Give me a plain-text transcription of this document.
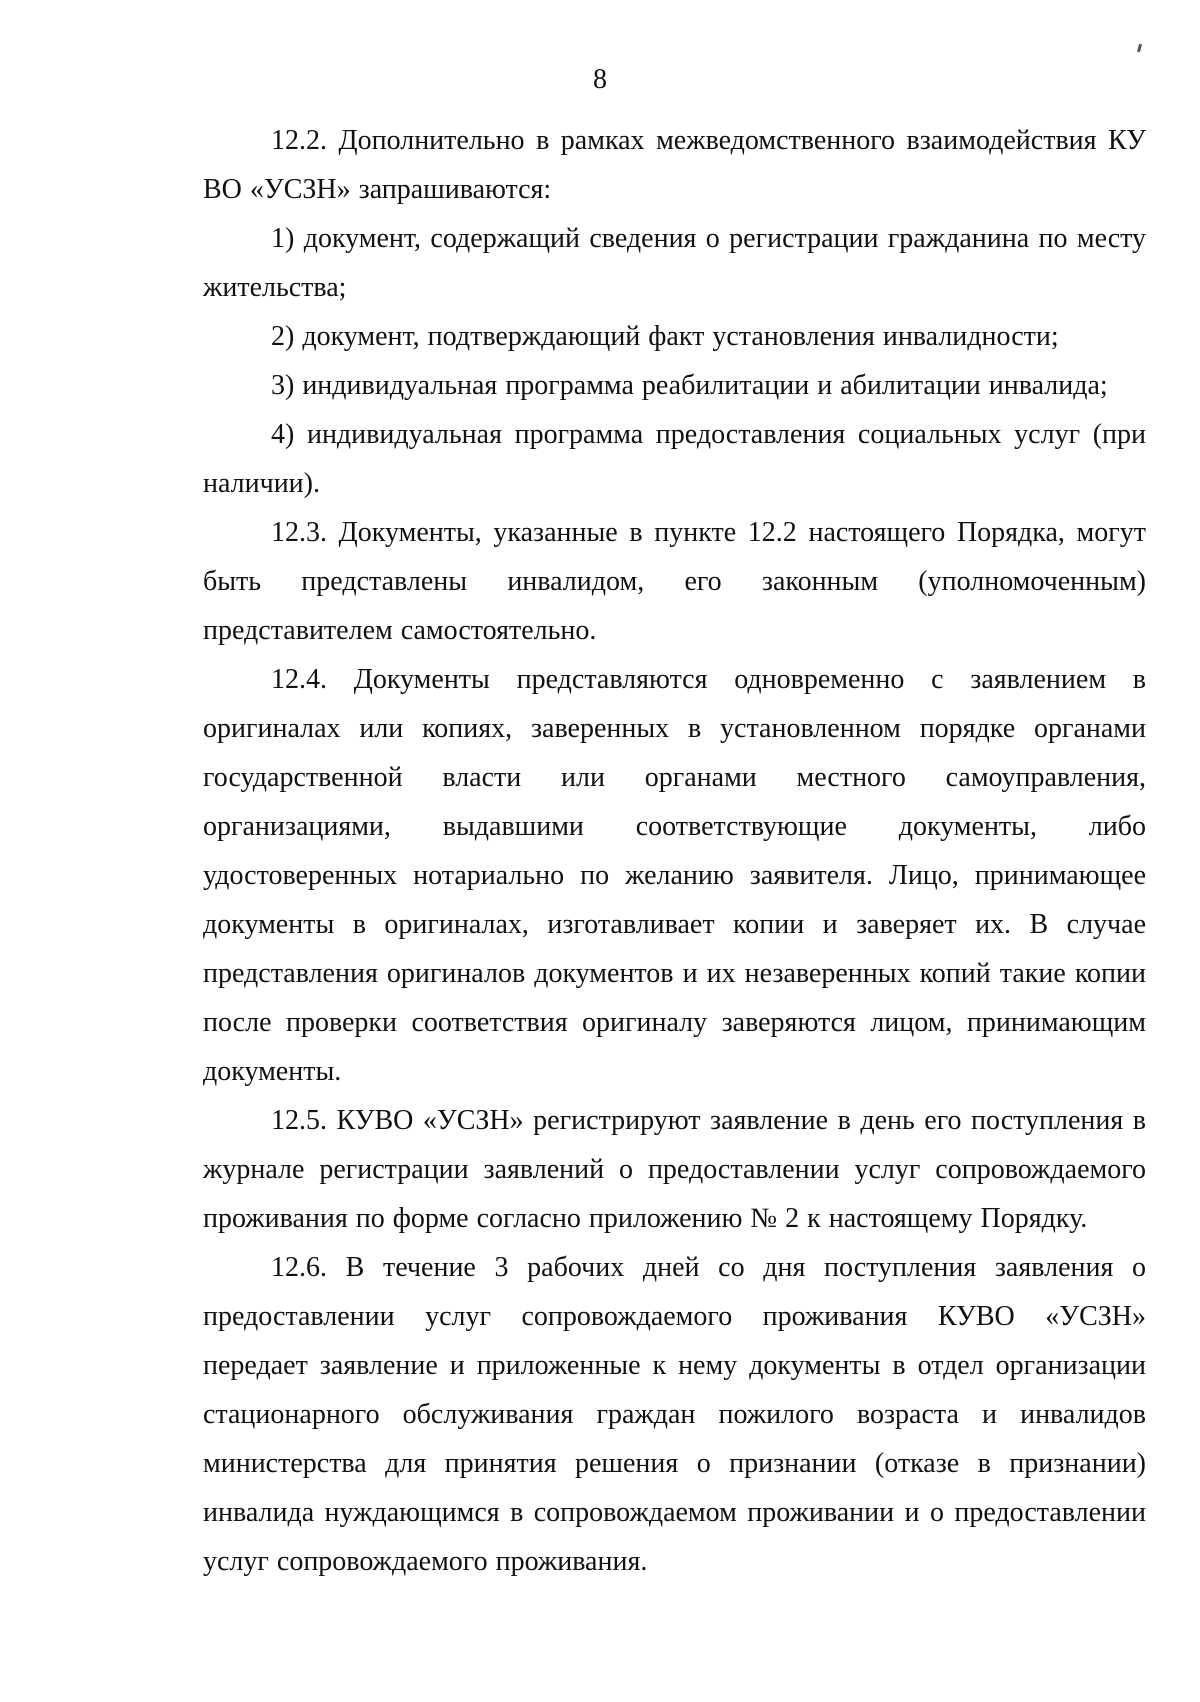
8

12.2. Дополнительно в рамках межведомственного взаимодействия КУ ВО «УСЗН» запрашиваются:

1) документ, содержащий сведения о регистрации гражданина по месту жительства;

2) документ, подтверждающий факт установления инвалидности;

3) индивидуальная программа реабилитации и абилитации инвалида;

4) индивидуальная программа предоставления социальных услуг (при наличии).

12.3. Документы, указанные в пункте 12.2 настоящего Порядка, могут быть представлены инвалидом, его законным (уполномоченным) представителем самостоятельно.

12.4. Документы представляются одновременно с заявлением в оригиналах или копиях, заверенных в установленном порядке органами государственной власти или органами местного самоуправления, организациями, выдавшими соответствующие документы, либо удостоверенных нотариально по желанию заявителя. Лицо, принимающее документы в оригиналах, изготавливает копии и заверяет их. В случае представления оригиналов документов и их незаверенных копий такие копии после проверки соответствия оригиналу заверяются лицом, принимающим документы.

12.5. КУВО «УСЗН» регистрируют заявление в день его поступления в журнале регистрации заявлений о предоставлении услуг сопровождаемого проживания по форме согласно приложению № 2 к настоящему Порядку.

12.6. В течение 3 рабочих дней со дня поступления заявления о предоставлении услуг сопровождаемого проживания КУВО «УСЗН» передает заявление и приложенные к нему документы в отдел организации стационарного обслуживания граждан пожилого возраста и инвалидов министерства для принятия решения о признании (отказе в признании) инвалида нуждающимся в сопровождаемом проживании и о предоставлении услуг сопровождаемого проживания.
